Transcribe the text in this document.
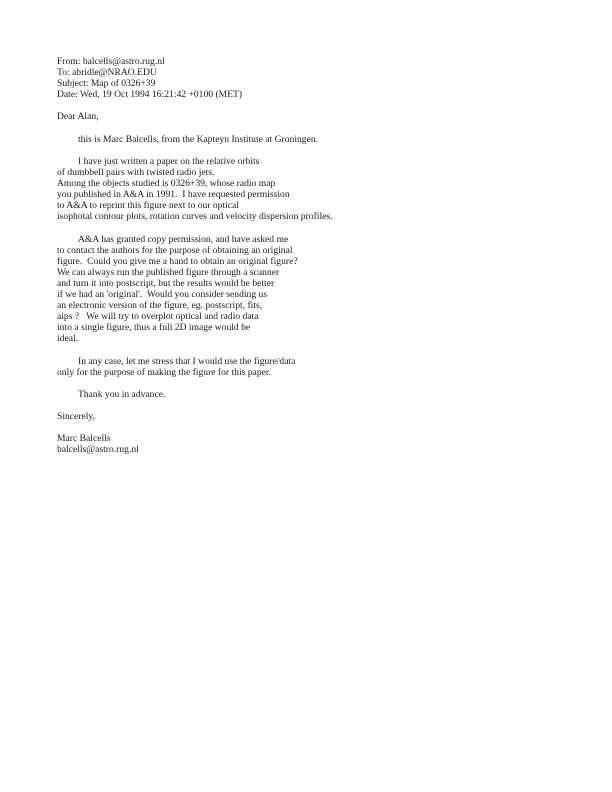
From: balcells@astro.rug.nl
To: abridle@NRAO.EDU
Subject: Map of 0326+39
Date: Wed, 19 Oct 1994 16:21:42 +0100 (MET)
Dear Alan,
this is Marc Balcells, from the Kapteyn Institute at Groningen.
I have just written a paper on the relative orbits
of dumbbell pairs with twisted radio jets.
Among the objects studied is 0326+39, whose radio map
you published in A&A in 1991.  I have requested permission
to A&A to reprint this figure next to our optical
isophotal contour plots, rotation curves and velocity dispersion profiles.
A&A has granted copy permission, and have asked me
to contact the authors for the purpose of obtaining an original
figure.  Could you give me a hand to obtain an original figure?
We can always run the published figure through a scanner
and turn it into postscript, but the results would be better
if we had an 'original'.  Would you consider sending us
an electronic version of the figure, eg. postscript, fits,
aips ?   We will try to overplot optical and radio data
into a single figure, thus a full 2D image would be
ideal.
In any case, let me stress that I would use the figure/data
only for the purpose of making the figure for this paper.
Thank you in advance.
Sincerely,
Marc Balcells
balcells@astro.rug.nl
